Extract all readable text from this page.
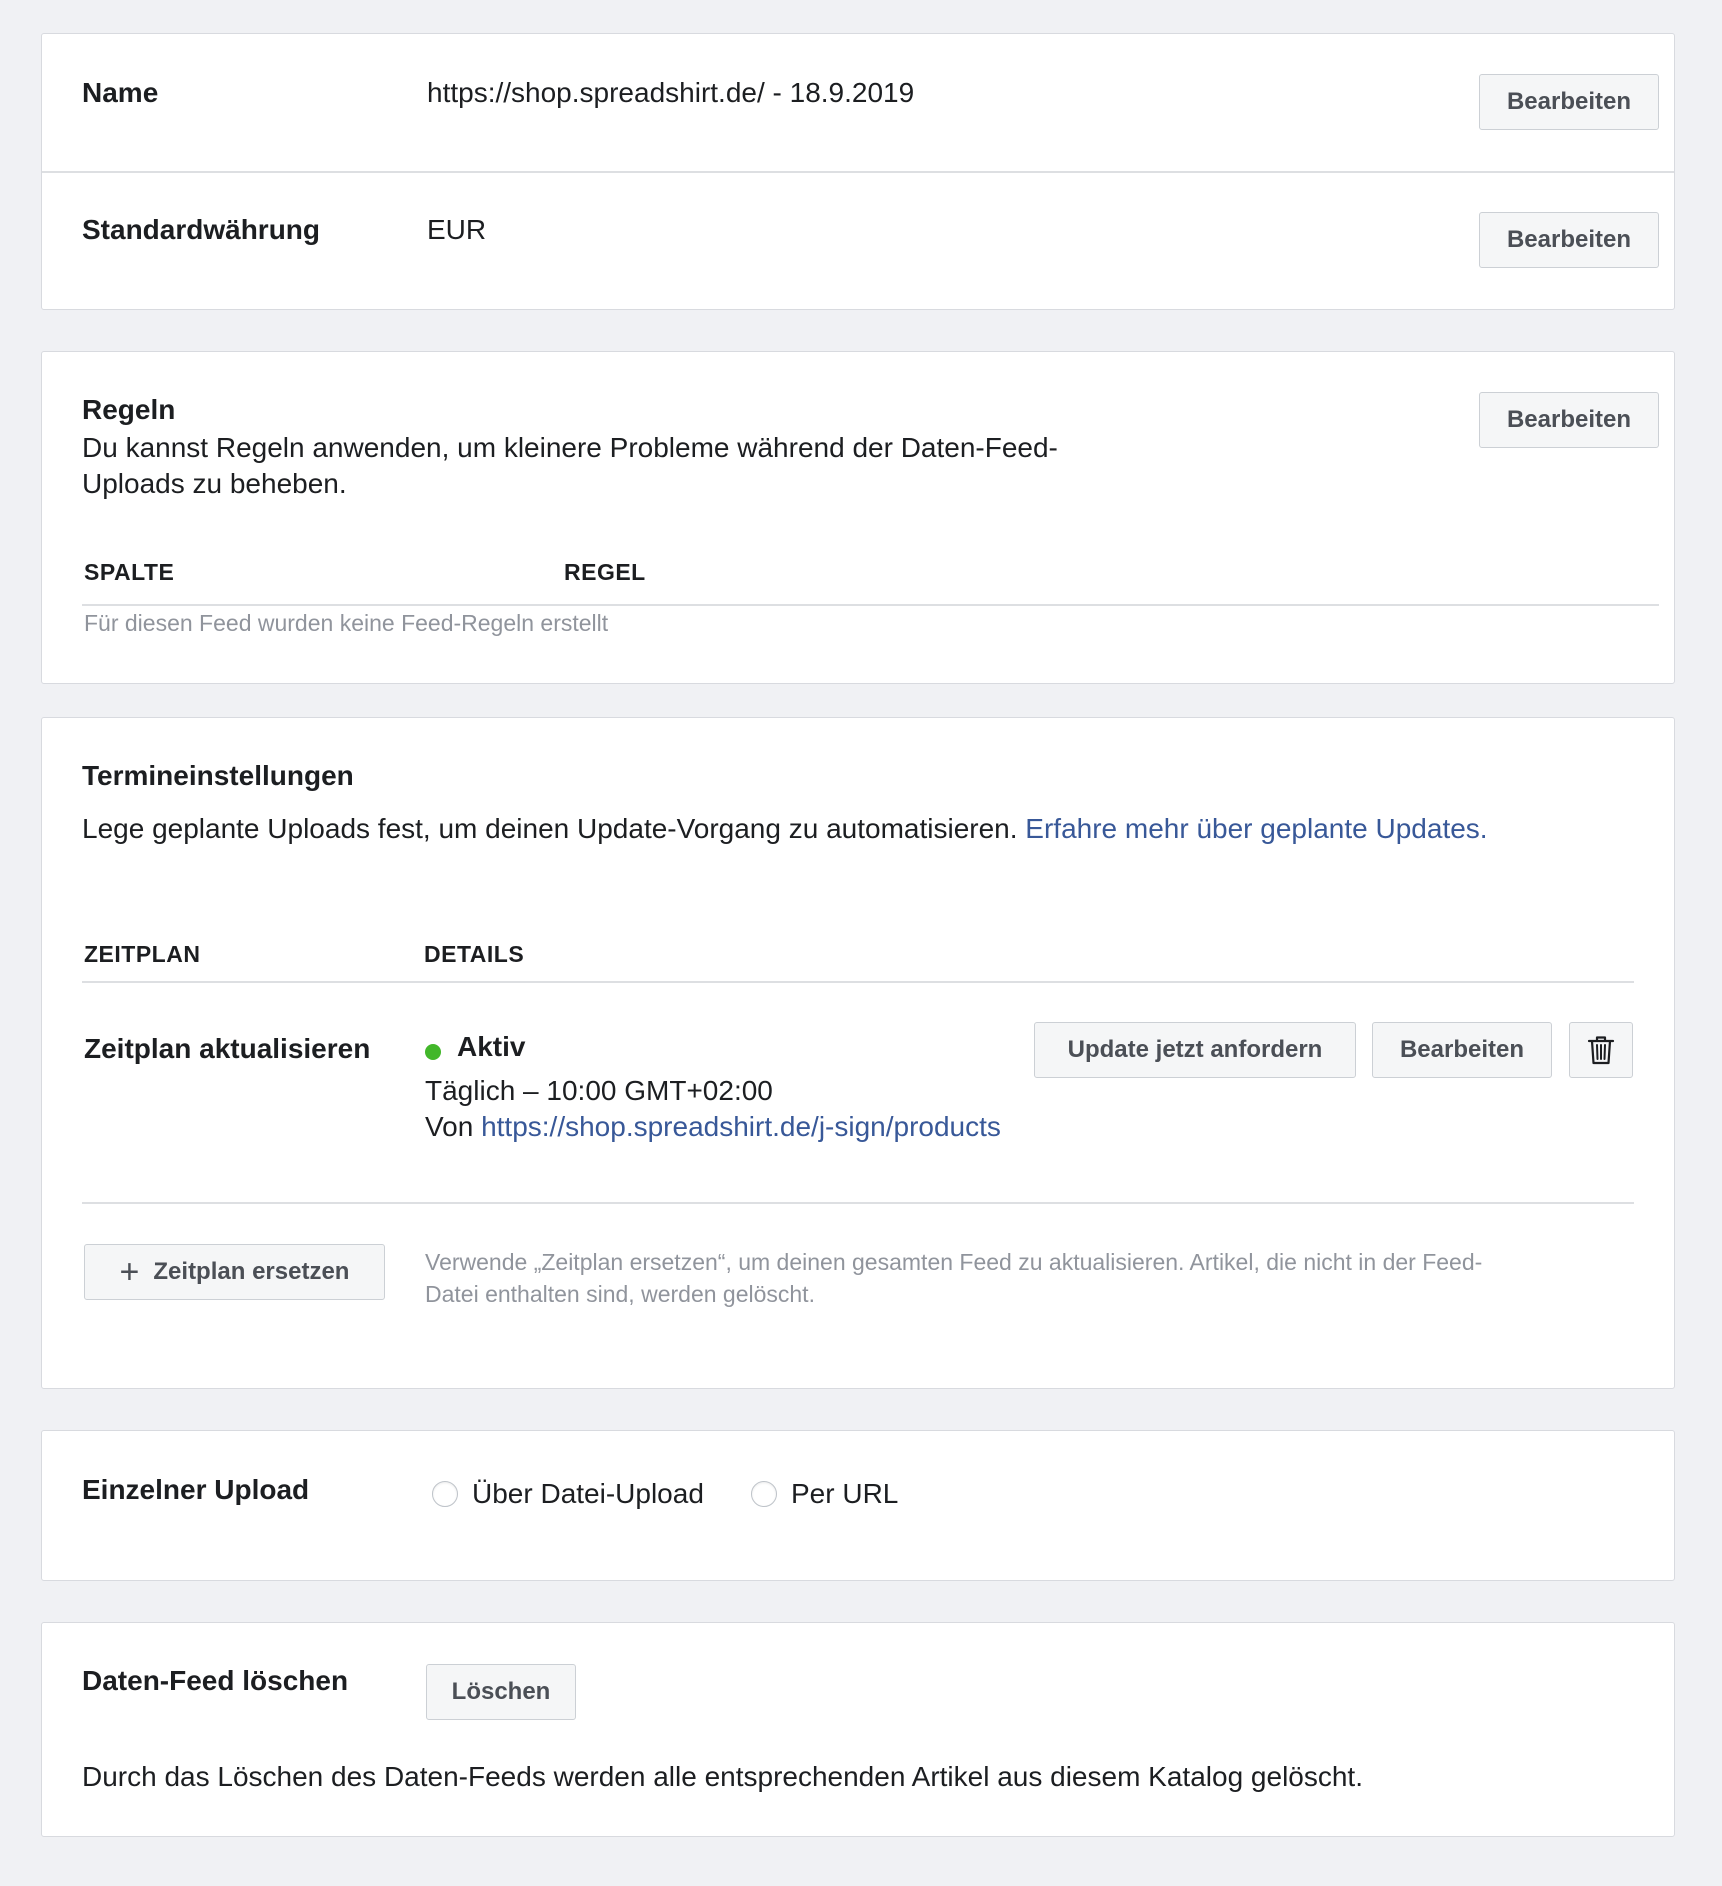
Name	https://shop.spreadshirt.de/ - 18.9.2019	Bearbeiten
Standardwährung	EUR	Bearbeiten
Regeln	Bearbeiten
Du kannst Regeln anwenden, um kleinere Probleme während der Daten-Feed-
Uploads zu beheben.
SPALTE	REGEL
Für diesen Feed wurden keine Feed-Regeln erstellt
Termineinstellungen
Lege geplante Uploads fest, um deinen Update-Vorgang zu automatisieren. Erfahre mehr über geplante Updates.
ZEITPLAN	DETAILS
Zeitplan aktualisieren	Aktiv
Täglich – 10:00 GMT+02:00
Von https://shop.spreadshirt.de/j-sign/products
Update jetzt anfordern	Bearbeiten
+ Zeitplan ersetzen	Verwende „Zeitplan ersetzen“, um deinen gesamten Feed zu aktualisieren. Artikel, die nicht in der Feed-
Datei enthalten sind, werden gelöscht.
Einzelner Upload	Über Datei-Upload	Per URL
Daten-Feed löschen	Löschen
Durch das Löschen des Daten-Feeds werden alle entsprechenden Artikel aus diesem Katalog gelöscht.
